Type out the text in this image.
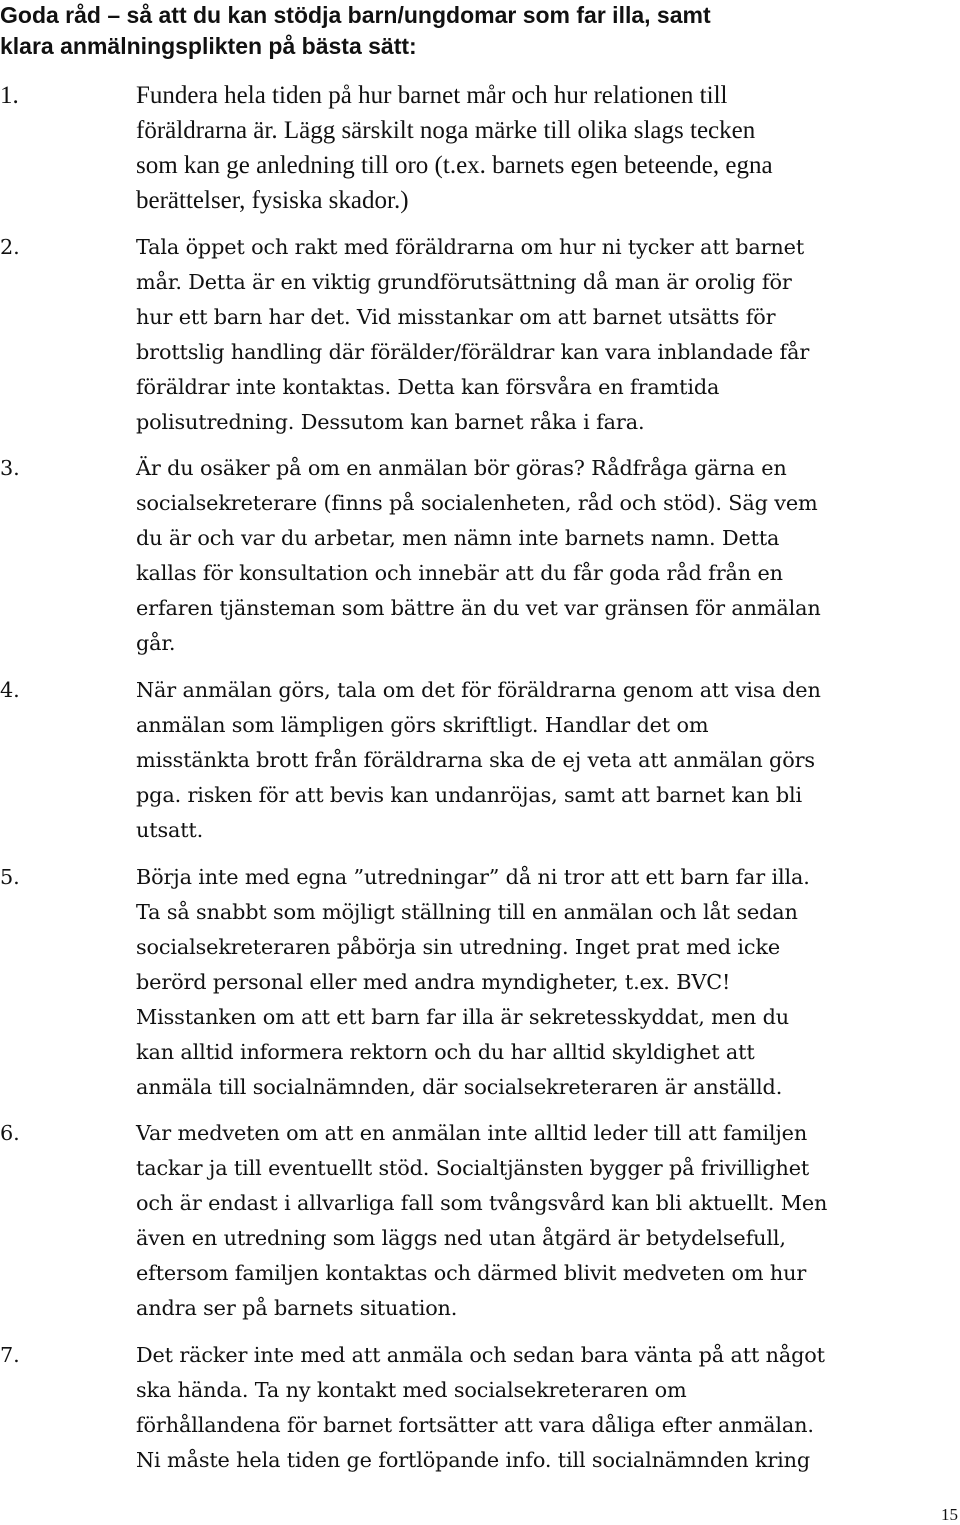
Goda råd – så att du kan stödja barn/ungdomar som far illa, samt
klara anmälningsplikten på bästa sätt:
1.	Fundera hela tiden på hur barnet mår och hur relationen till
föräldrarna är. Lägg särskilt noga märke till olika slags tecken
som kan ge anledning till oro (t.ex. barnets egen beteende, egna
berättelser, fysiska skador.)
2.	Tala öppet och rakt med föräldrarna om hur ni tycker att barnet
mår. Detta är en viktig grundförutsättning då man är orolig för
hur ett barn har det. Vid misstankar om att barnet utsätts för
brottslig handling där förälder/föräldrar kan vara inblandade får
föräldrar inte kontaktas. Detta kan försvåra en framtida
polisutredning. Dessutom kan barnet råka i fara.
3.	Är du osäker på om en anmälan bör göras? Rådfråga gärna en
socialsekreterare (finns på socialenheten, råd och stöd). Säg vem
du är och var du arbetar, men nämn inte barnets namn. Detta
kallas för konsultation och innebär att du får goda råd från en
erfaren tjänsteman som bättre än du vet var gränsen för anmälan
går.
4.	När anmälan görs, tala om det för föräldrarna genom att visa den
anmälan som lämpligen görs skriftligt. Handlar det om
misstänkta brott från föräldrarna ska de ej veta att anmälan görs
pga. risken för att bevis kan undanröjas, samt att barnet kan bli
utsatt.
5.	Börja inte med egna ”utredningar” då ni tror att ett barn far illa.
Ta så snabbt som möjligt ställning till en anmälan och låt sedan
socialsekreteraren påbörja sin utredning. Inget prat med icke
berörd personal eller med andra myndigheter, t.ex. BVC!
Misstanken om att ett barn far illa är sekretesskyddat, men du
kan alltid informera rektorn och du har alltid skyldighet att
anmäla till socialnämnden, där socialsekreteraren är anställd.
6.	Var medveten om att en anmälan inte alltid leder till att familjen
tackar ja till eventuellt stöd. Socialtjänsten bygger på frivillighet
och är endast i allvarliga fall som tvångsvård kan bli aktuellt. Men
även en utredning som läggs ned utan åtgärd är betydelsefull,
eftersom familjen kontaktas och därmed blivit medveten om hur
andra ser på barnets situation.
7.	Det räcker inte med att anmäla och sedan bara vänta på att något
ska hända. Ta ny kontakt med socialsekreteraren om
förhållandena för barnet fortsätter att vara dåliga efter anmälan.
Ni måste hela tiden ge fortlöpande info. till socialnämnden kring
15
